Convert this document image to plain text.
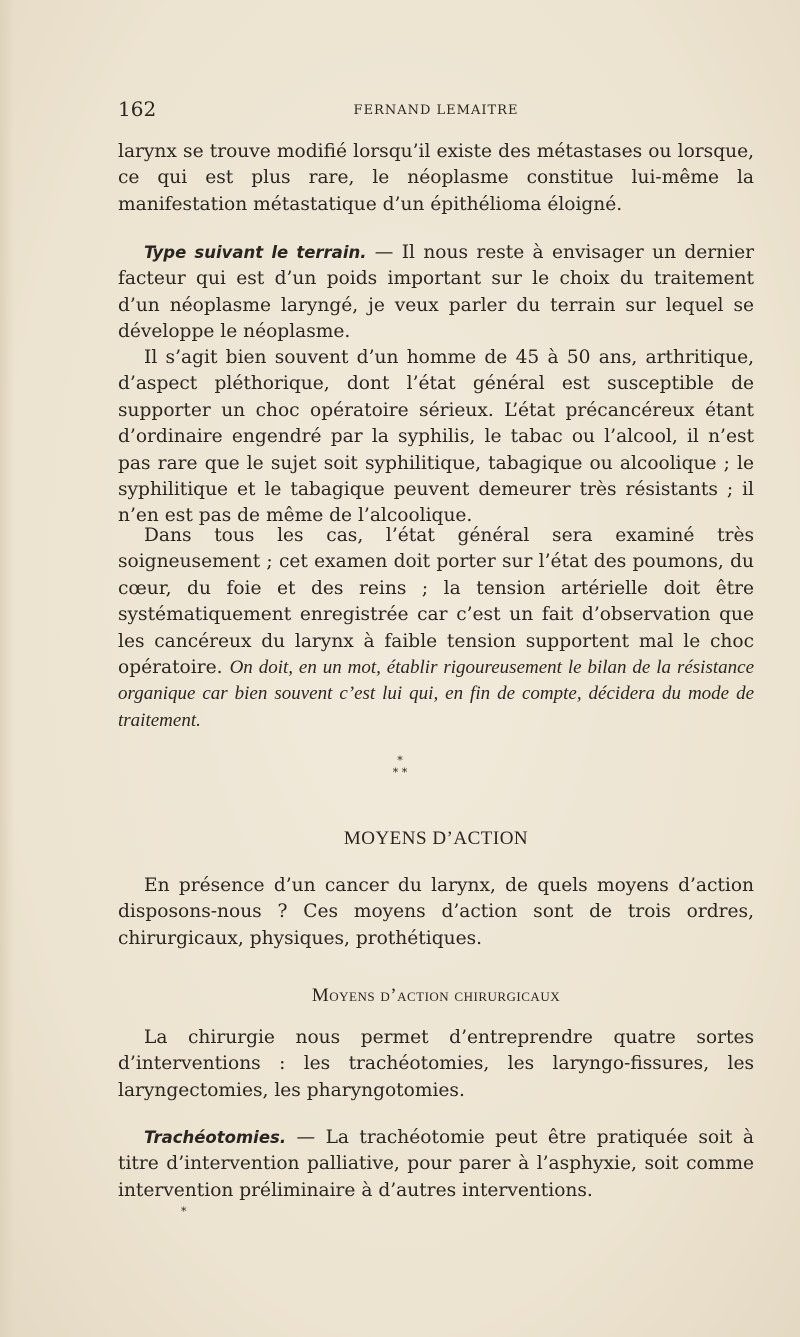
162	FERNAND LEMAITRE

larynx se trouve modifié lorsqu’il existe des métastases ou lorsque, ce qui est plus rare, le néoplasme constitue lui-même la manifestation métastatique d’un épithélioma éloigné.

Type suivant le terrain. — Il nous reste à envisager un dernier facteur qui est d’un poids important sur le choix du traitement d’un néoplasme laryngé, je veux parler du terrain sur lequel se développe le néoplasme.

Il s’agit bien souvent d’un homme de 45 à 50 ans, arthritique, d’aspect pléthorique, dont l’état général est susceptible de supporter un choc opératoire sérieux. L’état précancéreux étant d’ordinaire engendré par la syphilis, le tabac ou l’alcool, il n’est pas rare que le sujet soit syphilitique, tabagique ou alcoolique ; le syphilitique et le tabagique peuvent demeurer très résistants ; il n’en est pas de même de l’alcoolique.

Dans tous les cas, l’état général sera examiné très soigneusement ; cet examen doit porter sur l’état des poumons, du cœur, du foie et des reins ; la tension artérielle doit être systématiquement enregistrée car c’est un fait d’observation que les cancéreux du larynx à faible tension supportent mal le choc opératoire. On doit, en un mot, établir rigoureusement le bilan de la résistance organique car bien souvent c’est lui qui, en fin de compte, décidera du mode de traitement.

*
* *
MOYENS D’ACTION

En présence d’un cancer du larynx, de quels moyens d’action disposons-nous ? Ces moyens d’action sont de trois ordres, chirurgicaux, physiques, prothétiques.

Moyens d’action chirurgicaux

La chirurgie nous permet d’entreprendre quatre sortes d’interventions : les trachéotomies, les laryngo-fissures, les laryngectomies, les pharyngotomies.

Trachéotomies. — La trachéotomie peut être pratiquée soit à titre d’intervention palliative, pour parer à l’asphyxie, soit comme intervention préliminaire à d’autres interventions.

*
